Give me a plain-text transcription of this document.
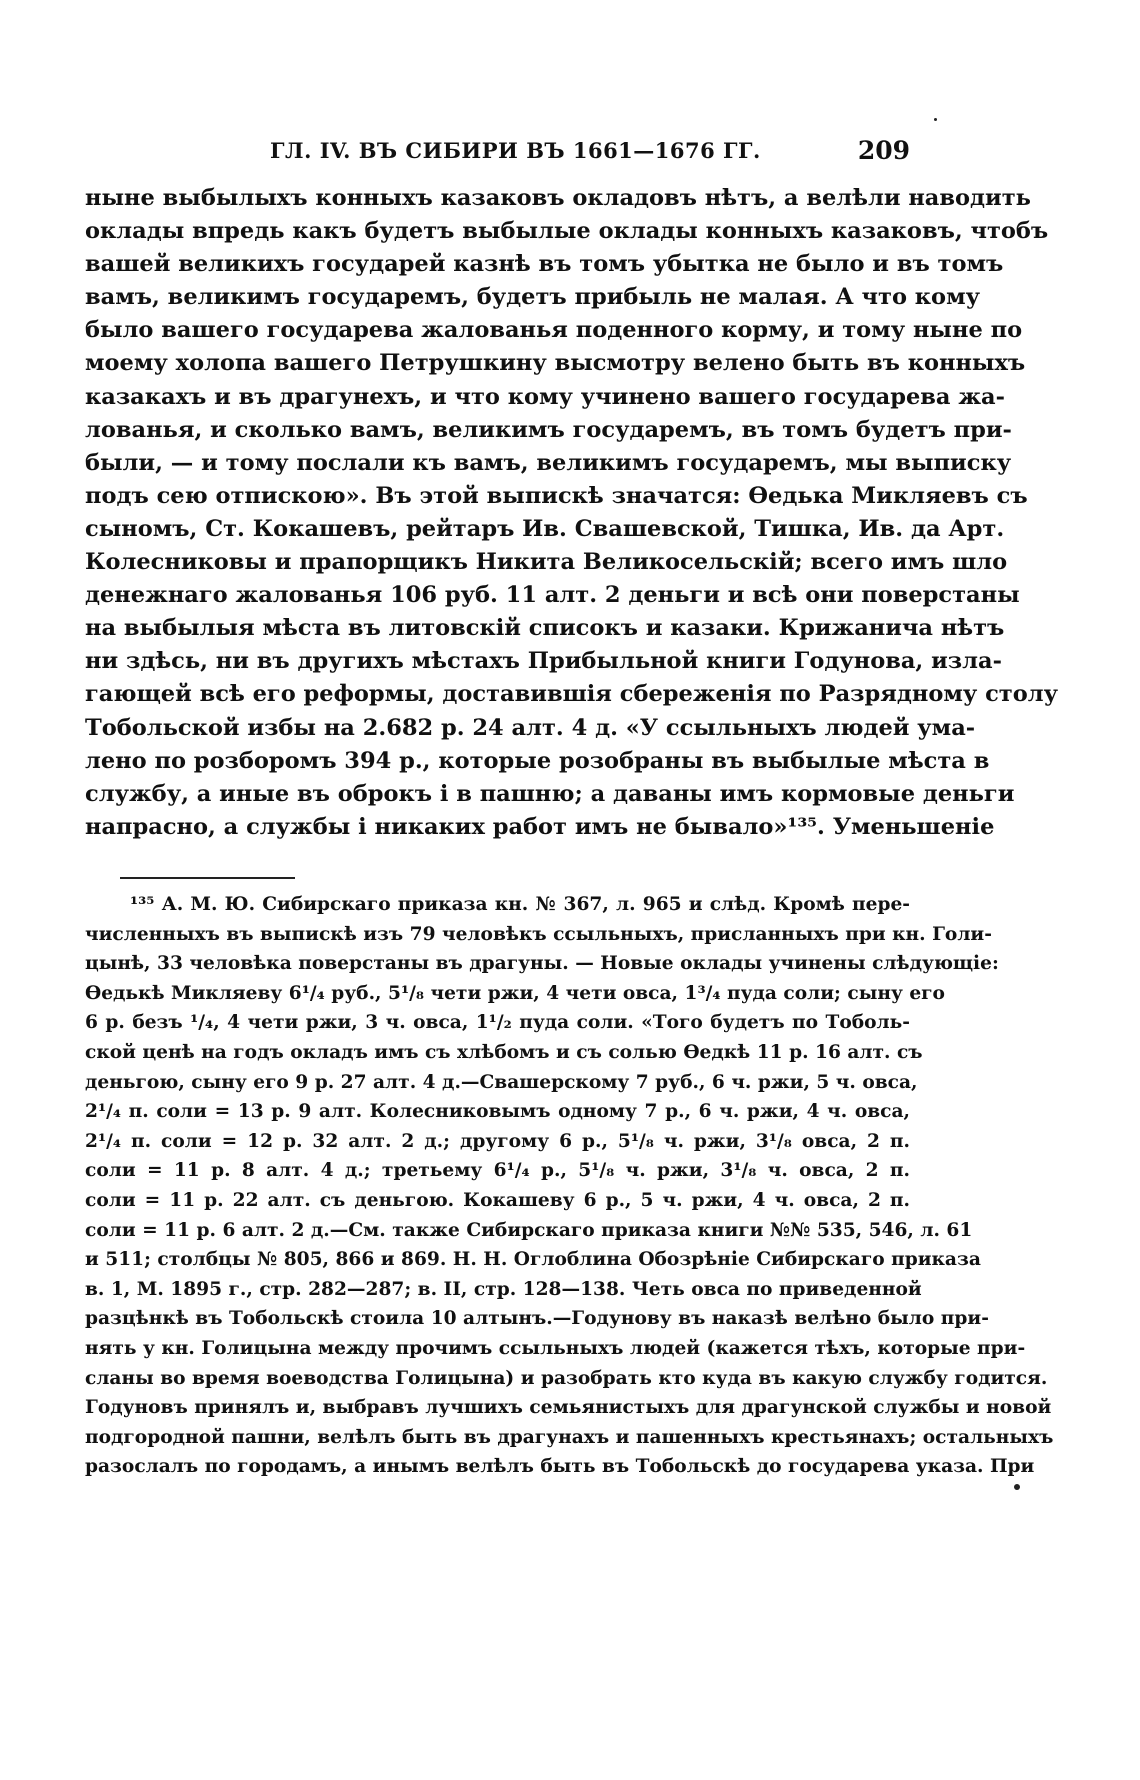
ГЛ. IV. ВЪ СИБИРИ ВЪ 1661—1676 ГГ.	209
ныне выбылыхъ конныхъ казаковъ окладовъ нѣтъ, а велѣли наводить
оклады впредь какъ будетъ выбылые оклады конныхъ казаковъ, чтобъ
вашей великихъ государей казнѣ въ томъ убытка не было и въ томъ
вамъ, великимъ государемъ, будетъ прибыль не малая. А что кому
было вашего государева жалованья поденного корму, и тому ныне по
моему холопа вашего Петрушкину высмотру велено быть въ конныхъ
казакахъ и въ драгунехъ, и что кому учинено вашего государева жа-
лованья, и сколько вамъ, великимъ государемъ, въ томъ будетъ при-
были, — и тому послали къ вамъ, великимъ государемъ, мы выписку
подъ сею отпискою». Въ этой выпискѣ значатся: Ѳедька Микляевъ съ
сыномъ, Ст. Кокашевъ, рейтаръ Ив. Свашевской, Тишка, Ив. да Арт.
Колесниковы и прапорщикъ Никита Великосельскій; всего имъ шло
денежнаго жалованья 106 руб. 11 алт. 2 деньги и всѣ они поверстаны
на выбылыя мѣста въ литовскій списокъ и казаки. Крижанича нѣтъ
ни здѣсь, ни въ другихъ мѣстахъ Прибыльной книги Годунова, излa-
гающей всѣ его реформы, доставившія сбереженія по Разрядному столу
Тобольской избы на 2.682 р. 24 алт. 4 д. «У ссыльныхъ людей ума-
лено по розборомъ 394 р., которые розобраны въ выбылые мѣста в
службу, а иные въ оброкъ і в пашню; а даваны имъ кормовые деньги
напрасно, а службы і никаких работ имъ не бывало»¹³⁵. Уменьшеніе
¹³⁵ А. М. Ю. Сибирскаго приказа кн. № 367, л. 965 и слѣд. Кромѣ пере-
численныхъ въ выпискѣ изъ 79 человѣкъ ссыльныхъ, присланныхъ при кн. Голи-
цынѣ, 33 человѣка поверстаны въ драгуны. — Новые оклады учинены слѣдующіе:
Ѳедькѣ Микляеву 6¹/₄ руб., 5¹/₈ чети ржи, 4 чети овса, 1³/₄ пуда соли; сыну его
6 р. безъ ¹/₄, 4 чети ржи, 3 ч. овса, 1¹/₂ пуда соли. «Того будетъ по Тоболь-
ской ценѣ на годъ окладъ имъ съ хлѣбомъ и съ солью Ѳедкѣ 11 р. 16 алт. съ
деньгою, сыну его 9 р. 27 алт. 4 д.—Свашерскому 7 руб., 6 ч. ржи, 5 ч. овса,
2¹/₄ п. соли = 13 р. 9 алт. Колесниковымъ одному 7 р., 6 ч. ржи, 4 ч. овса,
2¹/₄ п. соли = 12 р. 32 алт. 2 д.; другому 6 р., 5¹/₈ ч. ржи, 3¹/₈ овса, 2 п.
соли = 11 р. 8 алт. 4 д.; третьему 6¹/₄ р., 5¹/₈ ч. ржи, 3¹/₈ ч. овса, 2 п.
соли = 11 р. 22 алт. съ деньгою. Кокашеву 6 р., 5 ч. ржи, 4 ч. овса, 2 п.
соли = 11 р. 6 алт. 2 д.—См. также Сибирскаго приказа книги №№ 535, 546, л. 61
и 511; столбцы № 805, 866 и 869. Н. Н. Оглоблина Обозрѣніе Сибирскаго приказа
в. 1, М. 1895 г., стр. 282—287; в. II, стр. 128—138. Четь овса по приведенной
разцѣнкѣ въ Тобольскѣ стоила 10 алтынъ.—Годунову въ наказѣ велѣно было при-
нять у кн. Голицына между прочимъ ссыльныхъ людей (кажется тѣхъ, которые при-
сланы во время воеводства Голицына) и разобрать кто куда въ какую службу годится.
Годуновъ принялъ и, выбравъ лучшихъ семьянистыхъ для драгунской службы и новой
подгородной пашни, велѣлъ быть въ драгунахъ и пашенныхъ крестьянахъ; остальныхъ
разослалъ по городамъ, а инымъ велѣлъ быть въ Тобольскѣ до государева указа. При
